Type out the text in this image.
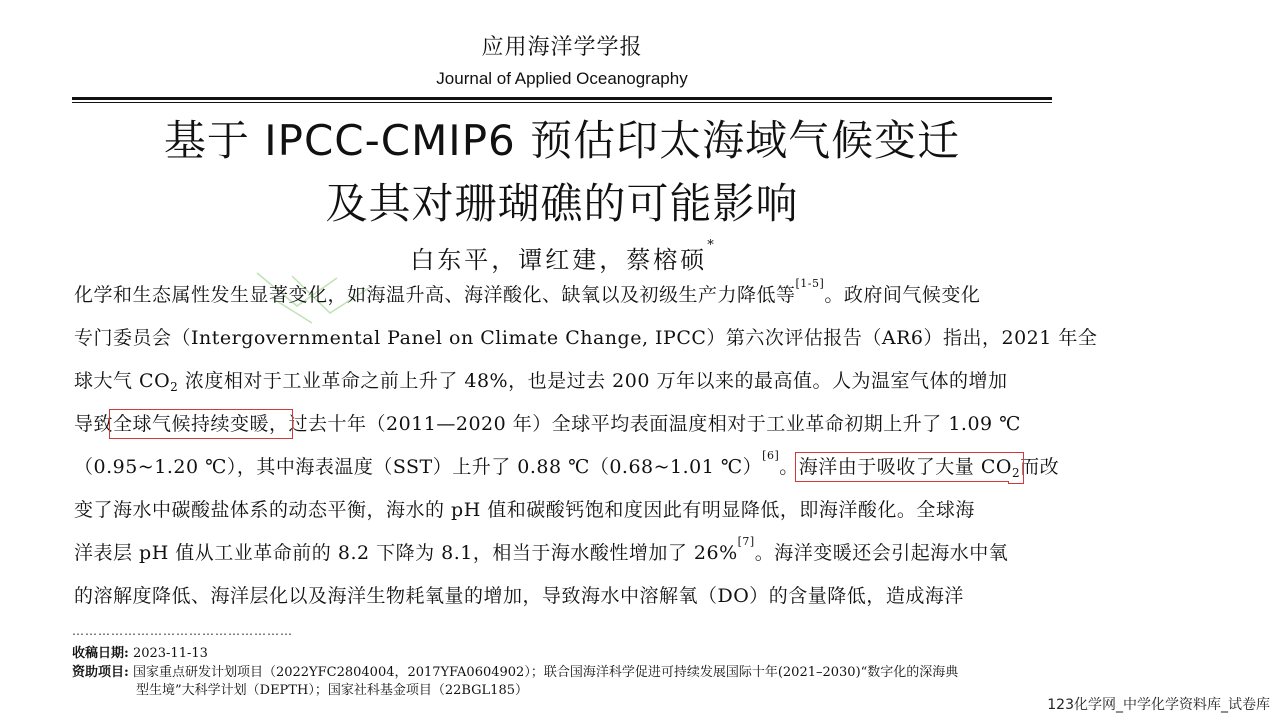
应用海洋学学报
Journal of Applied Oceanography
基于 IPCC-CMIP6 预估印太海域气候变迁
及其对珊瑚礁的可能影响
白东平，谭红建，蔡榕硕*
化学和生态属性发生显著变化，如海温升高、海洋酸化、缺氧以及初级生产力降低等[1-5]。政府间气候变化
专门委员会（Intergovernmental Panel on Climate Change, IPCC）第六次评估报告（AR6）指出，2021 年全
球大气 $CO_2$ 浓度相对于工业革命之前上升了 48%，也是过去 200 万年以来的最高值。人为温室气体的增加
导致全球气候持续变暖，过去十年（2011—2020 年）全球平均表面温度相对于工业革命初期上升了 1.09 ℃
（0.95~1.20 ℃），其中海表温度（SST）上升了 0.88 ℃（0.68~1.01 ℃）[6]。海洋由于吸收了大量 $CO_2$而改
变了海水中碳酸盐体系的动态平衡，海水的 pH 值和碳酸钙饱和度因此有明显降低，即海洋酸化。全球海
洋表层 pH 值从工业革命前的 8.2 下降为 8.1，相当于海水酸性增加了 26%[7]。海洋变暖还会引起海水中氧
的溶解度降低、海洋层化以及海洋生物耗氧量的增加，导致海水中溶解氧（DO）的含量降低，造成海洋
……………………………………………
收稿日期: 2023-11-13
资助项目: 国家重点研发计划项目（2022YFC2804004，2017YFA0604902）；联合国海洋科学促进可持续发展国际十年(2021–2030)“数字化的深海典
型生境”大科学计划（DEPTH）；国家社科基金项目（22BGL185）
123化学网_中学化学资料库_试卷库
